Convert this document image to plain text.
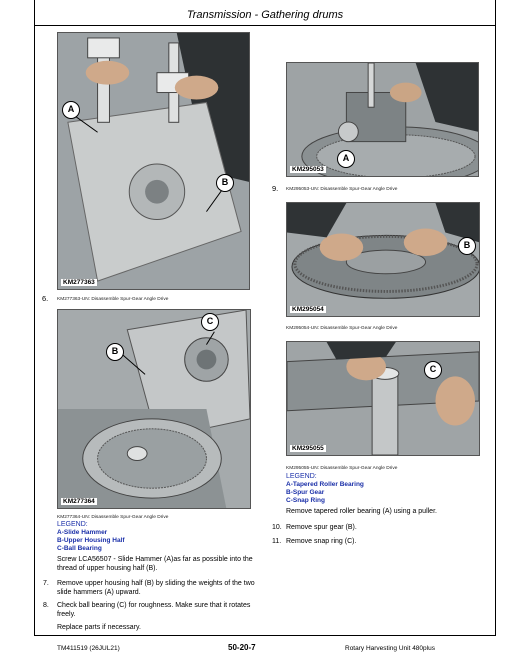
Transmission - Gathering drums
A
B
KM277363
6. KM277363-UN: Disassemble Spur-Gear Angle Drive
C
B
KM277364
KM277364-UN: Disassemble Spur-Gear Angle Drive
LEGEND:
A-Slide Hammer
B-Upper Housing Half
C-Ball Bearing
Screw LCA56507 - Slide Hammer (A)as far as possible into the thread of upper housing half (B).
7. Remove upper housing half (B) by sliding the weights of the two slide hammers (A) upward.
8. Check ball bearing (C) for roughness. Make sure that it rotates freely.
Replace parts if necessary.
A
KM295053
9. KM295053-UN: Disassemble Spur-Gear Angle Drive
B
KM295054
KM295054-UN: Disassemble Spur-Gear Angle Drive
C
KM295055
KM295055-UN: Disassemble Spur-Gear Angle Drive
LEGEND:
A-Tapered Roller Bearing
B-Spur Gear
C-Snap Ring
Remove tapered roller bearing (A) using a puller.
10. Remove spur gear (B).
11. Remove snap ring (C).
TM411519 (26JUL21)	50-20-7	Rotary Harvesting Unit 480plus
